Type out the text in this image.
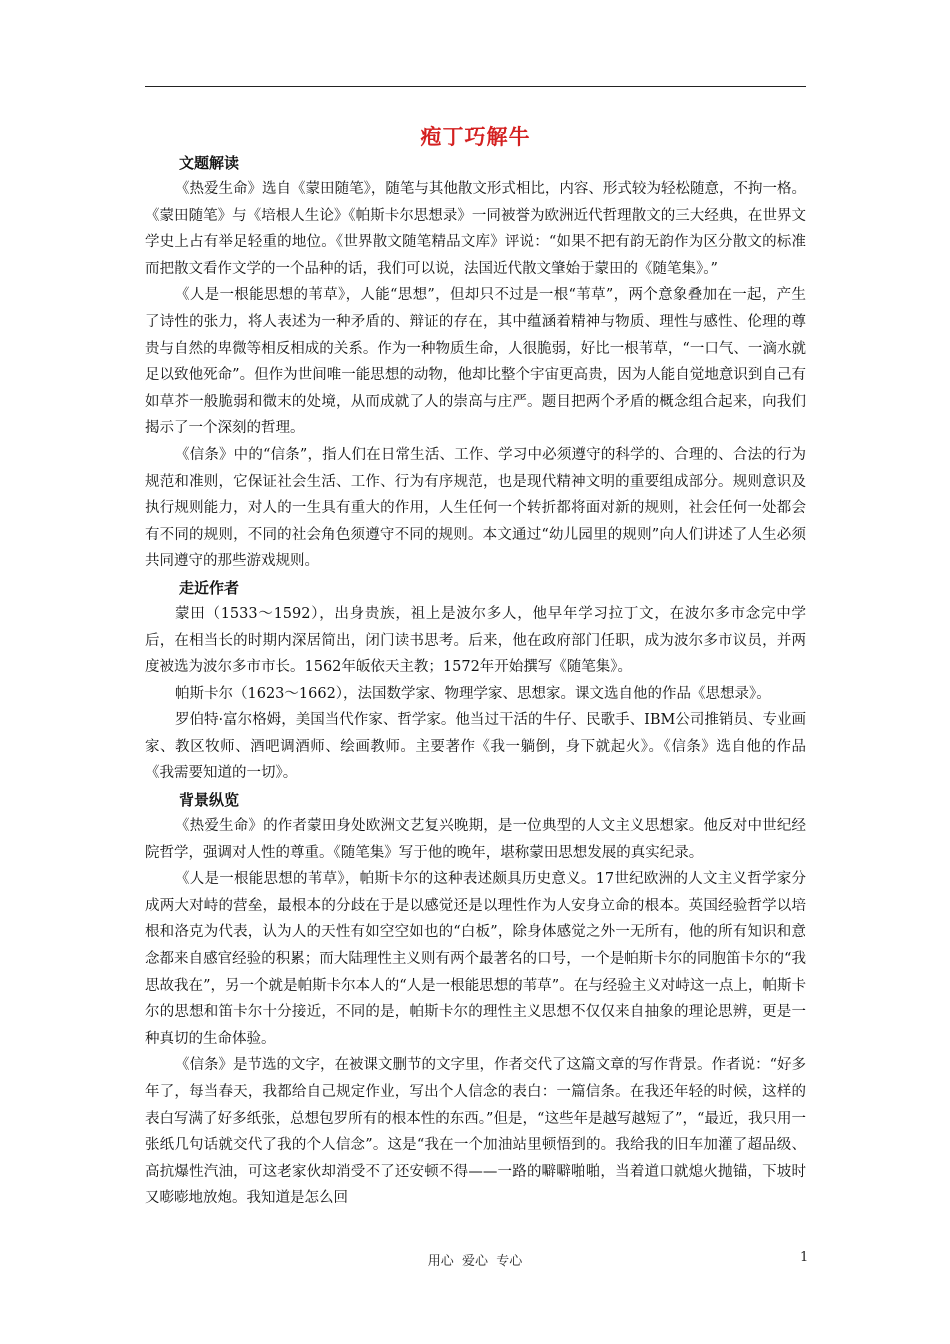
疱丁巧解牛

文题解读

《热爱生命》选自《蒙田随笔》，随笔与其他散文形式相比，内容、形式较为轻松随意，不拘一格。《蒙田随笔》与《培根人生论》《帕斯卡尔思想录》一同被誉为欧洲近代哲理散文的三大经典，在世界文学史上占有举足轻重的地位。《世界散文随笔精品文库》评说：“如果不把有韵无韵作为区分散文的标准而把散文看作文学的一个品种的话，我们可以说，法国近代散文肇始于蒙田的《随笔集》。”

《人是一根能思想的苇草》，人能“思想”，但却只不过是一根“苇草”，两个意象叠加在一起，产生了诗性的张力，将人表述为一种矛盾的、辩证的存在，其中蕴涵着精神与物质、理性与感性、伦理的尊贵与自然的卑微等相反相成的关系。作为一种物质生命，人很脆弱，好比一根苇草，“一口气、一滴水就足以致他死命”。但作为世间唯一能思想的动物，他却比整个宇宙更高贵，因为人能自觉地意识到自己有如草芥一般脆弱和微末的处境，从而成就了人的崇高与庄严。题目把两个矛盾的概念组合起来，向我们揭示了一个深刻的哲理。

《信条》中的“信条”，指人们在日常生活、工作、学习中必须遵守的科学的、合理的、合法的行为规范和准则，它保证社会生活、工作、行为有序规范，也是现代精神文明的重要组成部分。规则意识及执行规则能力，对人的一生具有重大的作用，人生任何一个转折都将面对新的规则，社会任何一处都会有不同的规则，不同的社会角色须遵守不同的规则。本文通过“幼儿园里的规则”向人们讲述了人生必须共同遵守的那些游戏规则。

走近作者

蒙田（1533～1592），出身贵族，祖上是波尔多人，他早年学习拉丁文，在波尔多市念完中学后，在相当长的时期内深居简出，闭门读书思考。后来，他在政府部门任职，成为波尔多市议员，并两度被选为波尔多市市长。1562年皈依天主教；1572年开始撰写《随笔集》。

帕斯卡尔（1623～1662），法国数学家、物理学家、思想家。课文选自他的作品《思想录》。

罗伯特·富尔格姆，美国当代作家、哲学家。他当过干活的牛仔、民歌手、IBM公司推销员、专业画家、教区牧师、酒吧调酒师、绘画教师。主要著作《我一躺倒，身下就起火》。《信条》选自他的作品《我需要知道的一切》。

背景纵览

《热爱生命》的作者蒙田身处欧洲文艺复兴晚期，是一位典型的人文主义思想家。他反对中世纪经院哲学，强调对人性的尊重。《随笔集》写于他的晚年，堪称蒙田思想发展的真实纪录。

《人是一根能思想的苇草》，帕斯卡尔的这种表述颇具历史意义。17世纪欧洲的人文主义哲学家分成两大对峙的营垒，最根本的分歧在于是以感觉还是以理性作为人安身立命的根本。英国经验哲学以培根和洛克为代表，认为人的天性有如空空如也的“白板”，除身体感觉之外一无所有，他的所有知识和意念都来自感官经验的积累；而大陆理性主义则有两个最著名的口号，一个是帕斯卡尔的同胞笛卡尔的“我思故我在”，另一个就是帕斯卡尔本人的“人是一根能思想的苇草”。在与经验主义对峙这一点上，帕斯卡尔的思想和笛卡尔十分接近，不同的是，帕斯卡尔的理性主义思想不仅仅来自抽象的理论思辨，更是一种真切的生命体验。

《信条》是节选的文字，在被课文删节的文字里，作者交代了这篇文章的写作背景。作者说：“好多年了，每当春天，我都给自己规定作业，写出个人信念的表白：一篇信条。在我还年轻的时候，这样的表白写满了好多纸张，总想包罗所有的根本性的东西。”但是，“这些年是越写越短了”，“最近，我只用一张纸几句话就交代了我的个人信念”。这是“我在一个加油站里顿悟到的。我给我的旧车加灌了超品级、高抗爆性汽油，可这老家伙却消受不了还安顿不得——一路的噼噼啪啪，当着道口就熄火抛锚，下坡时又嘭嘭地放炮。我知道是怎么回

用心  爱心  专心	1
